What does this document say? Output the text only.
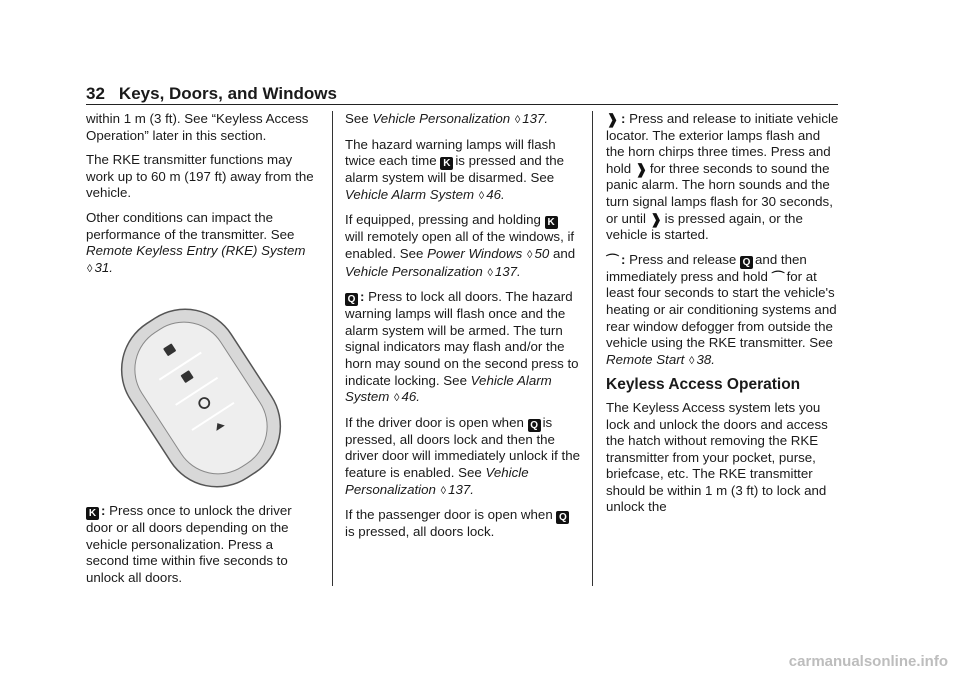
32 Keys, Doors, and Windows

within 1 m (3 ft). See “Keyless Access Operation” later in this section.

The RKE transmitter functions may work up to 60 m (197 ft) away from the vehicle.

Other conditions can impact the performance of the transmitter. See Remote Keyless Entry (RKE) System ◊ 31.

K: Press once to unlock the driver door or all doors depending on the vehicle personalization. Press a second time within five seconds to unlock all doors.

See Vehicle Personalization ◊ 137.

The hazard warning lamps will flash twice each time K is pressed and the alarm system will be disarmed. See Vehicle Alarm System ◊ 46.

If equipped, pressing and holding K will remotely open all of the windows, if enabled. See Power Windows ◊ 50 and Vehicle Personalization ◊ 137.

Q: Press to lock all doors. The hazard warning lamps will flash once and the alarm system will be armed. The turn signal indicators may flash and/or the horn may sound on the second press to indicate locking. See Vehicle Alarm System ◊ 46.

If the driver door is open when Q is pressed, all doors lock and then the driver door will immediately unlock if the feature is enabled. See Vehicle Personalization ◊ 137.

If the passenger door is open when Qis pressed, all doors lock.

❱: Press and release to initiate vehicle locator. The exterior lamps flash and the horn chirps three times. Press and hold ❱ for three seconds to sound the panic alarm. The horn sounds and the turn signal lamps flash for 30 seconds, or until ❱ is pressed again, or the vehicle is started.

⌒: Press and release Q and then immediately press and hold ⌒ for at least four seconds to start the vehicle's heating or air conditioning systems and rear window defogger from outside the vehicle using the RKE transmitter. See Remote Start ◊ 38.

Keyless Access Operation

The Keyless Access system lets you lock and unlock the doors and access the hatch without removing the RKE transmitter from your pocket, purse, briefcase, etc. The RKE transmitter should be within 1 m (3 ft) to lock and unlock the

carmanualsonline.info
